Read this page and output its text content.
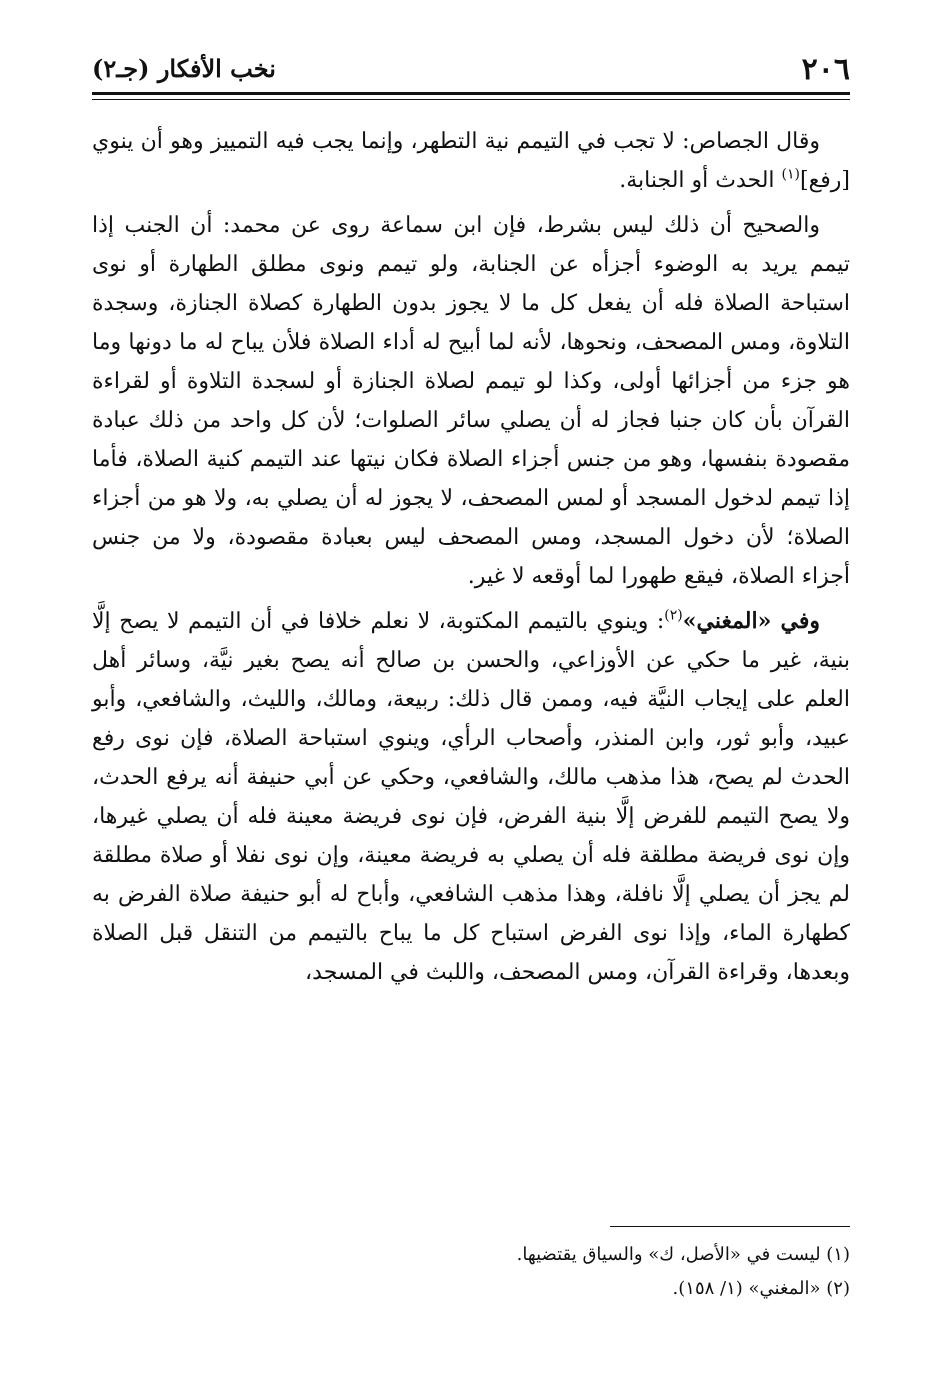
٢٠٦
نخب الأفكار (جـ٢)

وقال الجصاص: لا تجب في التيمم نية التطهر، وإنما يجب فيه التمييز وهو أن ينوي [رفع]$^{(١)}$ الحدث أو الجنابة.

والصحيح أن ذلك ليس بشرط، فإن ابن سماعة روى عن محمد: أن الجنب إذا تيمم يريد به الوضوء أجزأه عن الجنابة، ولو تيمم ونوى مطلق الطهارة أو نوى استباحة الصلاة فله أن يفعل كل ما لا يجوز بدون الطهارة كصلاة الجنازة، وسجدة التلاوة، ومس المصحف، ونحوها، لأنه لما أبيح له أداء الصلاة فلأن يباح له ما دونها وما هو جزء من أجزائها أولى، وكذا لو تيمم لصلاة الجنازة أو لسجدة التلاوة أو لقراءة القرآن بأن كان جنبا فجاز له أن يصلي سائر الصلوات؛ لأن كل واحد من ذلك عبادة مقصودة بنفسها، وهو من جنس أجزاء الصلاة فكان نيتها عند التيمم كنية الصلاة، فأما إذا تيمم لدخول المسجد أو لمس المصحف، لا يجوز له أن يصلي به، ولا هو من أجزاء الصلاة؛ لأن دخول المسجد، ومس المصحف ليس بعبادة مقصودة، ولا من جنس أجزاء الصلاة، فيقع طهورا لما أوقعه لا غير.

وفي «المغني»$^{(٢)}$: وينوي بالتيمم المكتوبة، لا نعلم خلافا في أن التيمم لا يصح إلَّا بنية، غير ما حكي عن الأوزاعي، والحسن بن صالح أنه يصح بغير نيَّة، وسائر أهل العلم على إيجاب النيَّة فيه، وممن قال ذلك: ربيعة، ومالك، والليث، والشافعي، وأبو عبيد، وأبو ثور، وابن المنذر، وأصحاب الرأي، وينوي استباحة الصلاة، فإن نوى رفع الحدث لم يصح، هذا مذهب مالك، والشافعي، وحكي عن أبي حنيفة أنه يرفع الحدث، ولا يصح التيمم للفرض إلَّا بنية الفرض، فإن نوى فريضة معينة فله أن يصلي غيرها، وإن نوى فريضة مطلقة فله أن يصلي به فريضة معينة، وإن نوى نفلا أو صلاة مطلقة لم يجز أن يصلي إلَّا نافلة، وهذا مذهب الشافعي، وأباح له أبو حنيفة صلاة الفرض به كطهارة الماء، وإذا نوى الفرض استباح كل ما يباح بالتيمم من التنقل قبل الصلاة وبعدها، وقراءة القرآن، ومس المصحف، واللبث في المسجد،

(١) ليست في «الأصل، ك» والسياق يقتضيها.

(٢) «المغني» (١/ ١٥٨).
